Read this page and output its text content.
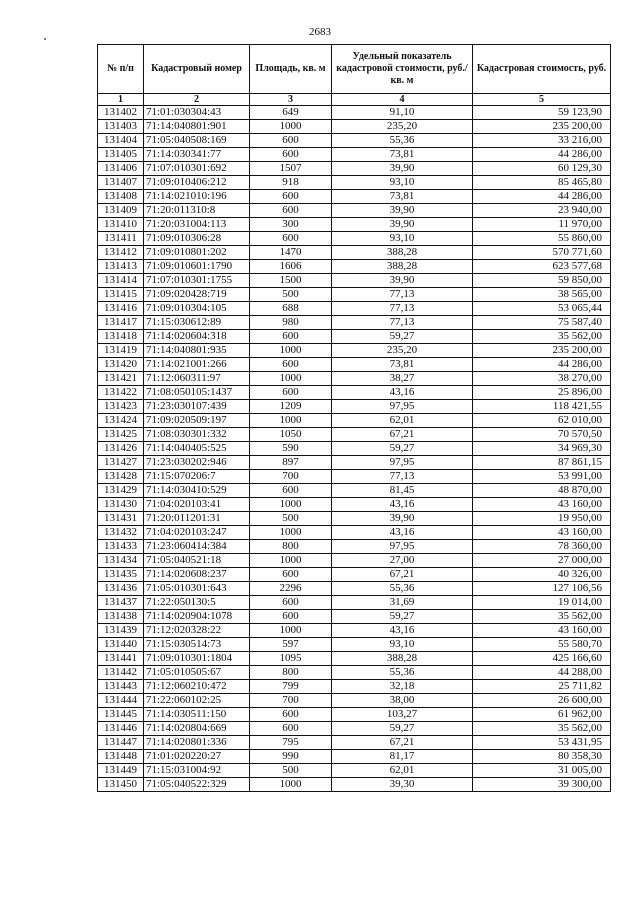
2683
№ п/п	Кадастровый номер	Площадь, кв. м	Удельный показатель кадастровой стоимости, руб./кв. м	Кадастровая стоимость, руб.
1	2	3	4	5
131402	71:01:030304:43	649	91,10	59 123,90
131403	71:14:040801:901	1000	235,20	235 200,00
131404	71:05:040508:169	600	55,36	33 216,00
131405	71:14:030341:77	600	73,81	44 286,00
131406	71:07:010301:692	1507	39,90	60 129,30
131407	71:09:010406:212	918	93,10	85 465,80
131408	71:14:021010:196	600	73,81	44 286,00
131409	71:20:011310:8	600	39,90	23 940,00
131410	71:20:031004:113	300	39,90	11 970,00
131411	71:09:010306:28	600	93,10	55 860,00
131412	71:09:010801:202	1470	388,28	570 771,60
131413	71:09:010601:1790	1606	388,28	623 577,68
131414	71:07:010301:1755	1500	39,90	59 850,00
131415	71:09:020428:719	500	77,13	38 565,00
131416	71:09:010304:105	688	77,13	53 065,44
131417	71:15:030612:89	980	77,13	75 587,40
131418	71:14:020604:318	600	59,27	35 562,00
131419	71:14:040801:935	1000	235,20	235 200,00
131420	71:14:021001:266	600	73,81	44 286,00
131421	71:12:060311:97	1000	38,27	38 270,00
131422	71:08:050105:1437	600	43,16	25 896,00
131423	71:23:030107:439	1209	97,95	118 421,55
131424	71:09:020509:197	1000	62,01	62 010,00
131425	71:08:030301:332	1050	67,21	70 570,50
131426	71:14:040405:525	590	59,27	34 969,30
131427	71:23:030202:946	897	97,95	87 861,15
131428	71:15:070206:7	700	77,13	53 991,00
131429	71:14:030410:529	600	81,45	48 870,00
131430	71:04:020103:41	1000	43,16	43 160,00
131431	71:20:011201:31	500	39,90	19 950,00
131432	71:04:020103:247	1000	43,16	43 160,00
131433	71:23:060414:384	800	97,95	78 360,00
131434	71:05:040521:18	1000	27,00	27 000,00
131435	71:14:020608:237	600	67,21	40 326,00
131436	71:05:010301:643	2296	55,36	127 106,56
131437	71:22:050130:5	600	31,69	19 014,00
131438	71:14:020904:1078	600	59,27	35 562,00
131439	71:12:020328:22	1000	43,16	43 160,00
131440	71:15:030514:73	597	93,10	55 580,70
131441	71:09:010301:1804	1095	388,28	425 166,60
131442	71:05:010505:67	800	55,36	44 288,00
131443	71:12:060210:472	799	32,18	25 711,82
131444	71:22:060102:25	700	38,00	26 600,00
131445	71:14:030511:150	600	103,27	61 962,00
131446	71:14:020804:669	600	59,27	35 562,00
131447	71:14:020801:336	795	67,21	53 431,95
131448	71:01:020220:27	990	81,17	80 358,30
131449	71:15:031004:92	500	62,01	31 005,00
131450	71:05:040522:329	1000	39,30	39 300,00
